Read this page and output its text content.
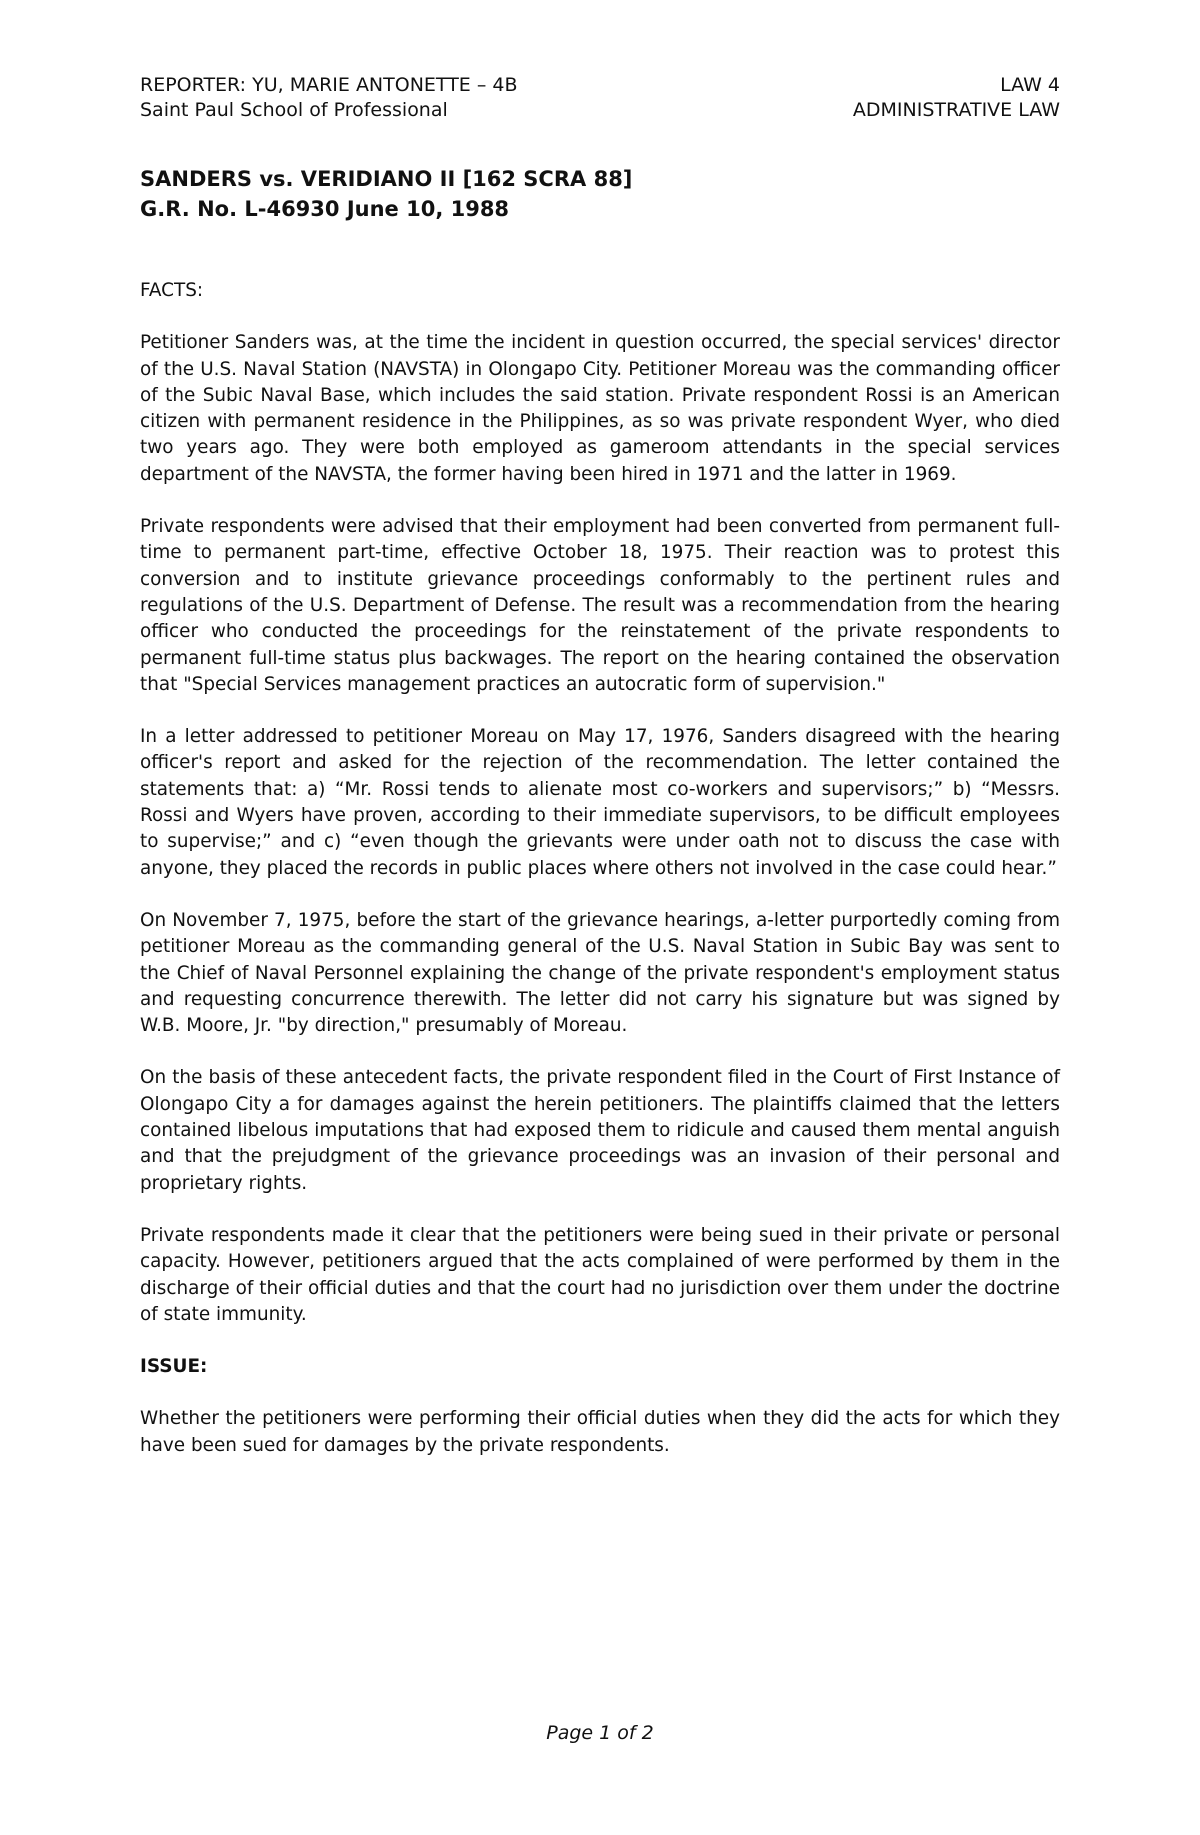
REPORTER: YU, MARIE ANTONETTE – 4B	LAW 4
Saint Paul School of Professional	ADMINISTRATIVE LAW
SANDERS vs. VERIDIANO II [162 SCRA 88]
G.R. No. L-46930 June 10, 1988
FACTS:

Petitioner Sanders was, at the time the incident in question occurred, the special services' director of the U.S. Naval Station (NAVSTA) in Olongapo City. Petitioner Moreau was the commanding officer of the Subic Naval Base, which includes the said station. Private respondent Rossi is an American citizen with permanent residence in the Philippines, as so was private respondent Wyer, who died two years ago. They were both employed as gameroom attendants in the special services department of the NAVSTA, the former having been hired in 1971 and the latter in 1969.

Private respondents were advised that their employment had been converted from permanent full-time to permanent part-time, effective October 18, 1975. Their reaction was to protest this conversion and to institute grievance proceedings conformably to the pertinent rules and regulations of the U.S. Department of Defense. The result was a recommendation from the hearing officer who conducted the proceedings for the reinstatement of the private respondents to permanent full-time status plus backwages. The report on the hearing contained the observation that "Special Services management practices an autocratic form of supervision."

In a letter addressed to petitioner Moreau on May 17, 1976, Sanders disagreed with the hearing officer's report and asked for the rejection of the recommendation. The letter contained the statements that: a) “Mr. Rossi tends to alienate most co-workers and supervisors;” b) “Messrs. Rossi and Wyers have proven, according to their immediate supervisors, to be difficult employees to supervise;” and c) “even though the grievants were under oath not to discuss the case with anyone, they placed the records in public places where others not involved in the case could hear.”

On November 7, 1975, before the start of the grievance hearings, a-letter purportedly coming from petitioner Moreau as the commanding general of the U.S. Naval Station in Subic Bay was sent to the Chief of Naval Personnel explaining the change of the private respondent's employment status and requesting concurrence therewith. The letter did not carry his signature but was signed by W.B. Moore, Jr. "by direction," presumably of Moreau.

On the basis of these antecedent facts, the private respondent filed in the Court of First Instance of Olongapo City a for damages against the herein petitioners. The plaintiffs claimed that the letters contained libelous imputations that had exposed them to ridicule and caused them mental anguish and that the prejudgment of the grievance proceedings was an invasion of their personal and proprietary rights.

Private respondents made it clear that the petitioners were being sued in their private or personal capacity. However, petitioners argued that the acts complained of were performed by them in the discharge of their official duties and that the court had no jurisdiction over them under the doctrine of state immunity.

ISSUE:

Whether the petitioners were performing their official duties when they did the acts for which they have been sued for damages by the private respondents.

Page 1 of 2
